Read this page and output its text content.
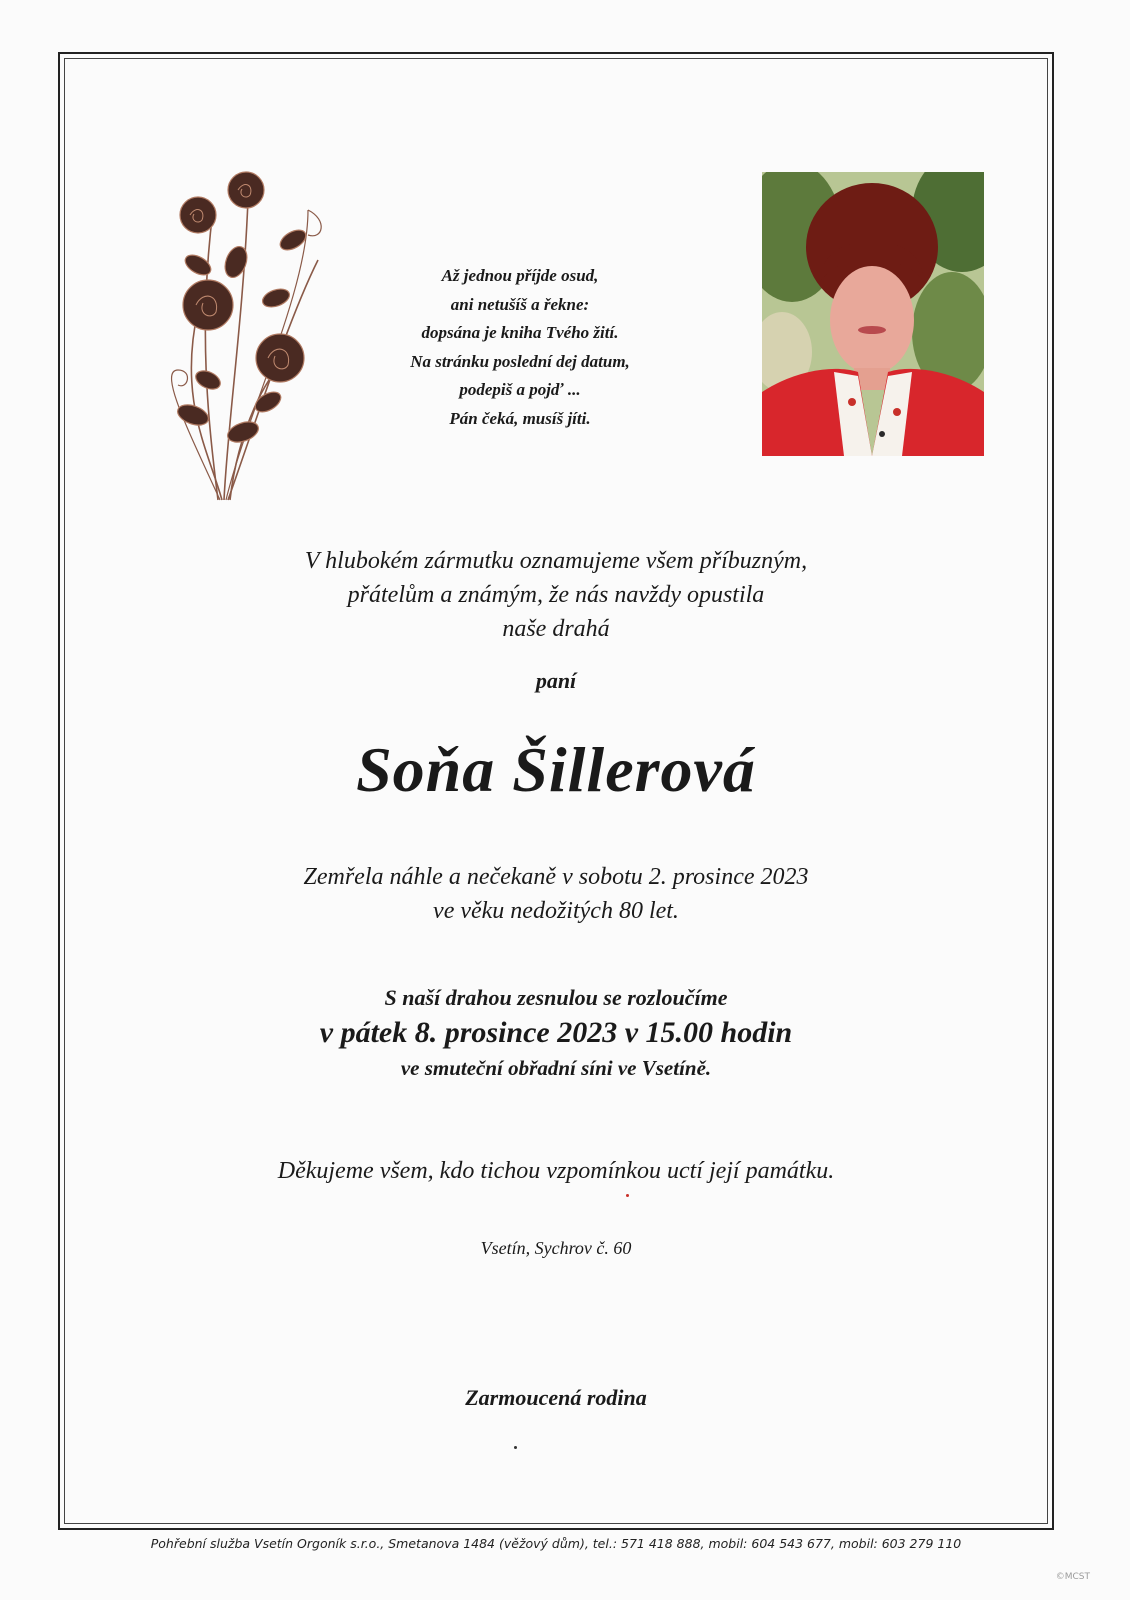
Až jednou příjde osud,
ani netušíš a řekne:
dopsána je kniha Tvého žití.
Na stránku poslední dej datum,
podepiš a pojď ...
Pán čeká, musíš jíti.
V hlubokém zármutku oznamujeme všem příbuzným,
přátelům a známým, že nás navždy opustila
naše drahá
paní
Soňa Šillerová
Zemřela náhle a nečekaně v sobotu 2. prosince 2023
ve věku nedožitých 80 let.
S naší drahou zesnulou se rozloučíme
v pátek 8. prosince 2023 v 15.00 hodin
ve smuteční obřadní síni ve Vsetíně.
Děkujeme všem, kdo tichou vzpomínkou uctí její památku.
Vsetín, Sychrov č. 60
Zarmoucená rodina
Pohřební služba Vsetín Orgoník s.r.o., Smetanova 1484 (věžový dům), tel.: 571 418 888, mobil: 604 543 677, mobil: 603 279 110
©MCST
